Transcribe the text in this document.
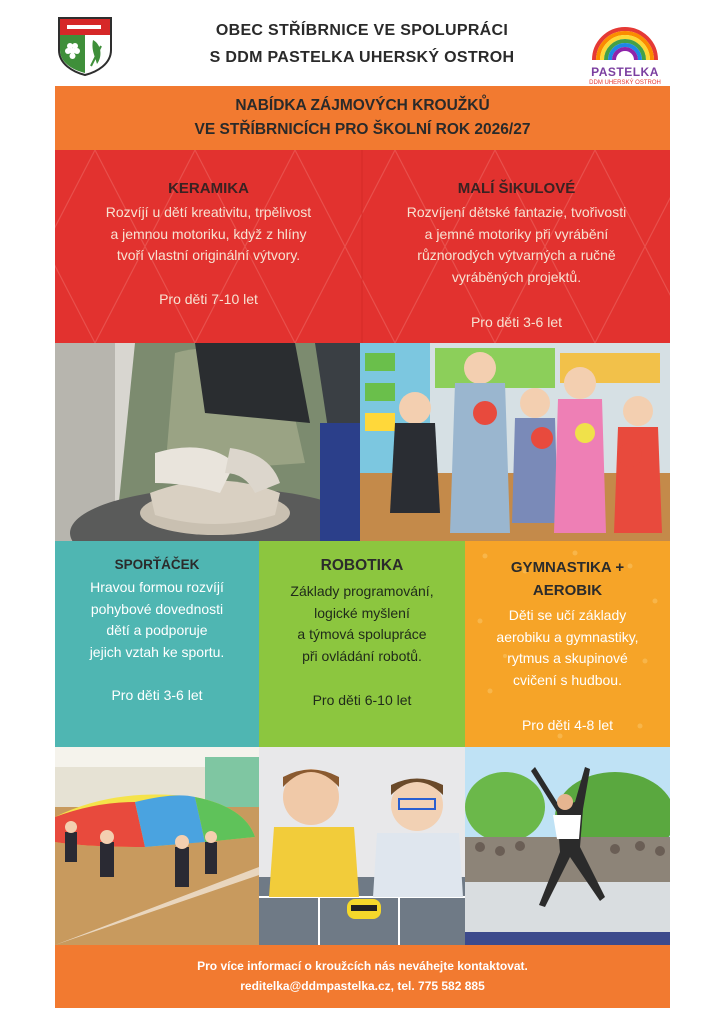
OBEC STŘÍBRNICE VE SPOLUPRÁCI
S DDM PASTELKA UHERSKÝ OSTROH
PASTELKA
DDM UHERSKÝ OSTROH
NABÍDKA ZÁJMOVÝCH KROUŽKŮ
VE STŘÍBRNICÍCH PRO ŠKOLNÍ ROK 2026/27
KERAMIKA
Rozvíjí u dětí kreativitu, trpělivost
a jemnou motoriku, když z hlíny
tvoří vlastní originální výtvory.
Pro děti 7-10 let
MALÍ ŠIKULOVÉ
Rozvíjení dětské fantazie, tvořivosti
a jemné motoriky při vyrábění
různorodých výtvarných a ručně
vyráběných projektů.
Pro děti 3-6 let
SPORŤÁČEK
Hravou formou rozvíjí
pohybové dovednosti
dětí a podporuje
jejich vztah ke sportu.
Pro děti 3-6 let
ROBOTIKA
Základy programování,
logické myšlení
a týmová spolupráce
při ovládání robotů.
Pro děti 6-10 let
GYMNASTIKA +
AEROBIK
Děti se učí základy
aerobiku a gymnastiky,
rytmus a skupinové
cvičení s hudbou.
Pro děti 4-8 let
Pro více informací o kroužcích nás neváhejte kontaktovat.
reditelka@ddmpastelka.cz, tel. 775 582 885
